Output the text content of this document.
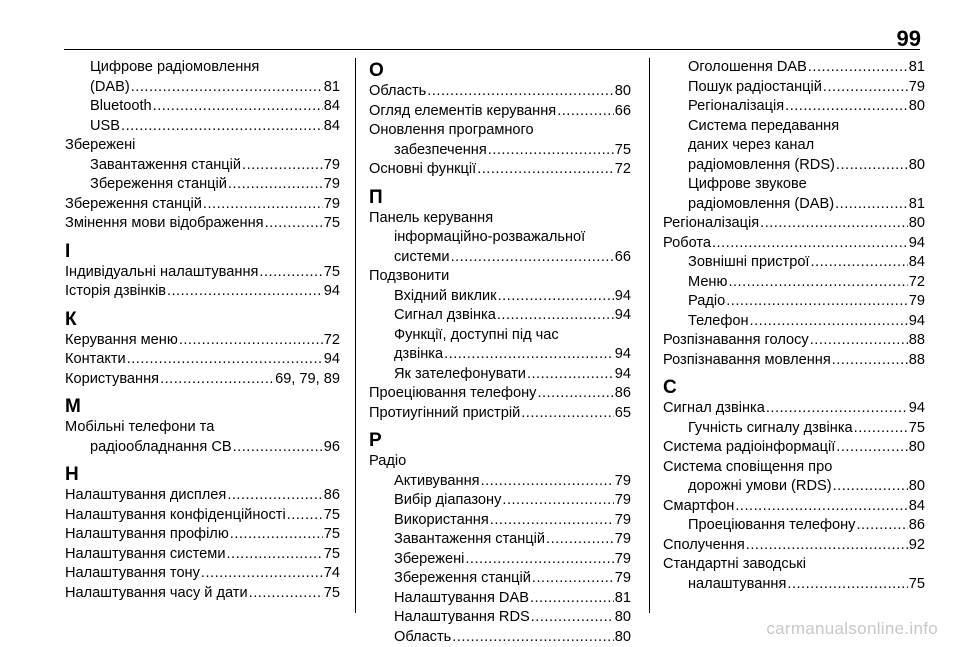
99
Цифрове радіомовлення
(DAB) .....	81
Bluetooth .....	84
USB .....	84
Збережені
Завантаження станцій .....	79
Збереження станцій .....	79
Збереження станцій .....	79
Змінення мови відображення .....	75
І
Індивідуальні налаштування .....	75
Історія дзвінків .....	94
К
Керування меню .....	72
Контакти .....	94
Користування .....	69, 79, 89
М
Мобільні телефони та
радіообладнання CB .....	96
Н
Налаштування дисплея .....	86
Налаштування конфіденційності .....	75
Налаштування профілю .....	75
Налаштування системи .....	75
Налаштування тону .....	74
Налаштування часу й дати .....	75
О
Область .....	80
Огляд елементів керування .....	66
Оновлення програмного
забезпечення .....	75
Основні функції .....	72
П
Панель керування
інформаційно-розважальної
системи .....	66
Подзвонити
Вхідний виклик .....	94
Сигнал дзвінка .....	94
Функції, доступні під час
дзвінка .....	94
Як зателефонувати .....	94
Проеціювання телефону .....	86
Протиугінний пристрій .....	65
Р
Радіо
Активування .....	79
Вибір діапазону .....	79
Використання .....	79
Завантаження станцій .....	79
Збережені .....	79
Збереження станцій .....	79
Налаштування DAB .....	81
Налаштування RDS .....	80
Область .....	80
Оголошення DAB .....	81
Пошук радіостанцій .....	79
Регіоналізація .....	80
Система передавання
даних через канал
радіомовлення (RDS) .....	80
Цифрове звукове
радіомовлення (DAB) .....	81
Регіоналізація .....	80
Робота .....	94
Зовнішні пристрої .....	84
Меню .....	72
Радіо .....	79
Телефон .....	94
Розпізнавання голосу .....	88
Розпізнавання мовлення .....	88
С
Сигнал дзвінка .....	94
Гучність сигналу дзвінка .....	75
Система радіоінформації .....	80
Система сповіщення про
дорожні умови (RDS) .....	80
Смартфон .....	84
Проеціювання телефону .....	86
Сполучення .....	92
Стандартні заводські
налаштування .....	75
carmanualsonline.info
